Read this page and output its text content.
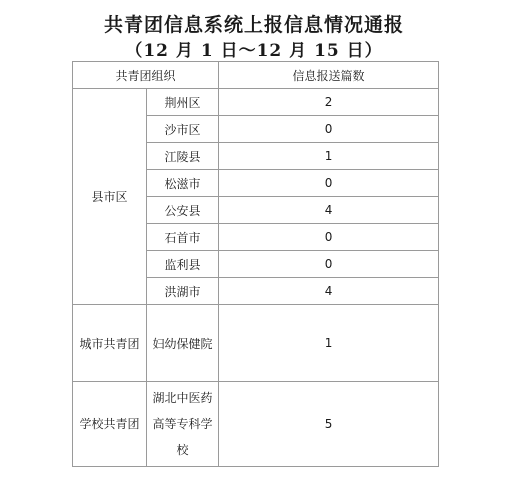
共青团信息系统上报信息情况通报
（12 月 1 日～12 月 15 日）
共青团组织		信息报送篇数
县市区	荆州区	2
	沙市区	0
	江陵县	1
	松滋市	0
	公安县	4
	石首市	0
	监利县	0
	洪湖市	4
城市共青团	妇幼保健院	1
学校共青团	湖北中医药
高等专科学
校	5
